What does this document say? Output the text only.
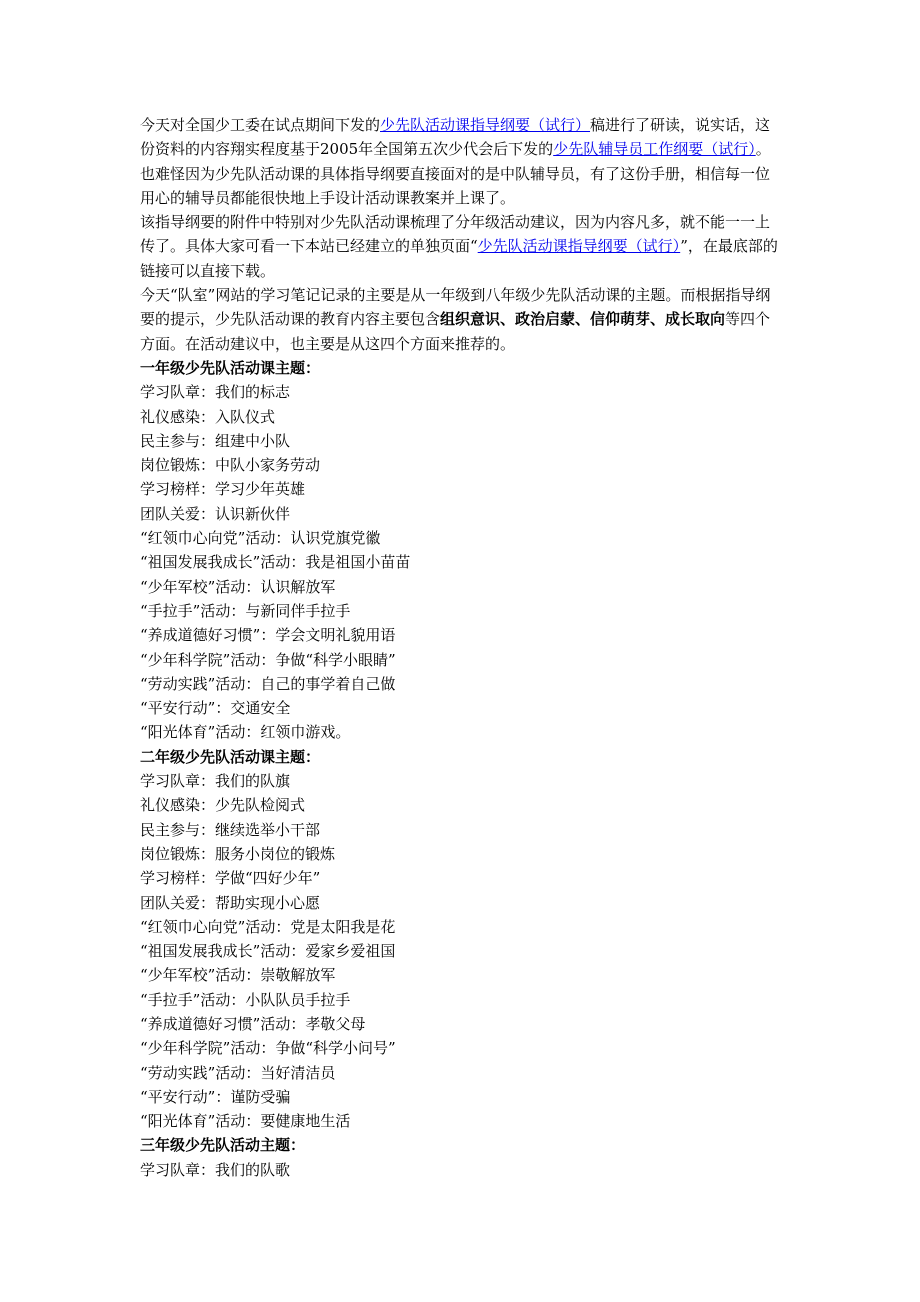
今天对全国少工委在试点期间下发的少先队活动课指导纲要（试行）稿进行了研读，说实话，这份资料的内容翔实程度基于2005年全国第五次少代会后下发的少先队辅导员工作纲要（试行）。也难怪因为少先队活动课的具体指导纲要直接面对的是中队辅导员，有了这份手册，相信每一位用心的辅导员都能很快地上手设计活动课教案并上课了。

该指导纲要的附件中特别对少先队活动课梳理了分年级活动建议，因为内容凡多，就不能一一上传了。具体大家可看一下本站已经建立的单独页面“少先队活动课指导纲要（试行）”，在最底部的链接可以直接下载。

今天“队室”网站的学习笔记记录的主要是从一年级到八年级少先队活动课的主题。而根据指导纲要的提示，少先队活动课的教育内容主要包含组织意识、政治启蒙、信仰萌芽、成长取向等四个方面。在活动建议中，也主要是从这四个方面来推荐的。

一年级少先队活动课主题：

学习队章：我们的标志

礼仪感染：入队仪式

民主参与：组建中小队

岗位锻炼：中队小家务劳动

学习榜样：学习少年英雄

团队关爱：认识新伙伴

“红领巾心向党”活动：认识党旗党徽

“祖国发展我成长”活动：我是祖国小苗苗

“少年军校”活动：认识解放军

“手拉手”活动：与新同伴手拉手

“养成道德好习惯”：学会文明礼貌用语

“少年科学院”活动：争做“科学小眼睛”

“劳动实践”活动：自己的事学着自己做

“平安行动”：交通安全

“阳光体育”活动：红领巾游戏。

二年级少先队活动课主题：

学习队章：我们的队旗

礼仪感染：少先队检阅式

民主参与：继续选举小干部

岗位锻炼：服务小岗位的锻炼

学习榜样：学做“四好少年”

团队关爱：帮助实现小心愿

“红领巾心向党”活动：党是太阳我是花

“祖国发展我成长”活动：爱家乡爱祖国

“少年军校”活动：崇敬解放军

“手拉手”活动：小队队员手拉手

“养成道德好习惯”活动：孝敬父母

“少年科学院”活动：争做“科学小问号”

“劳动实践”活动：当好清洁员

“平安行动”：谨防受骗

“阳光体育”活动：要健康地生活

三年级少先队活动主题：

学习队章：我们的队歌
